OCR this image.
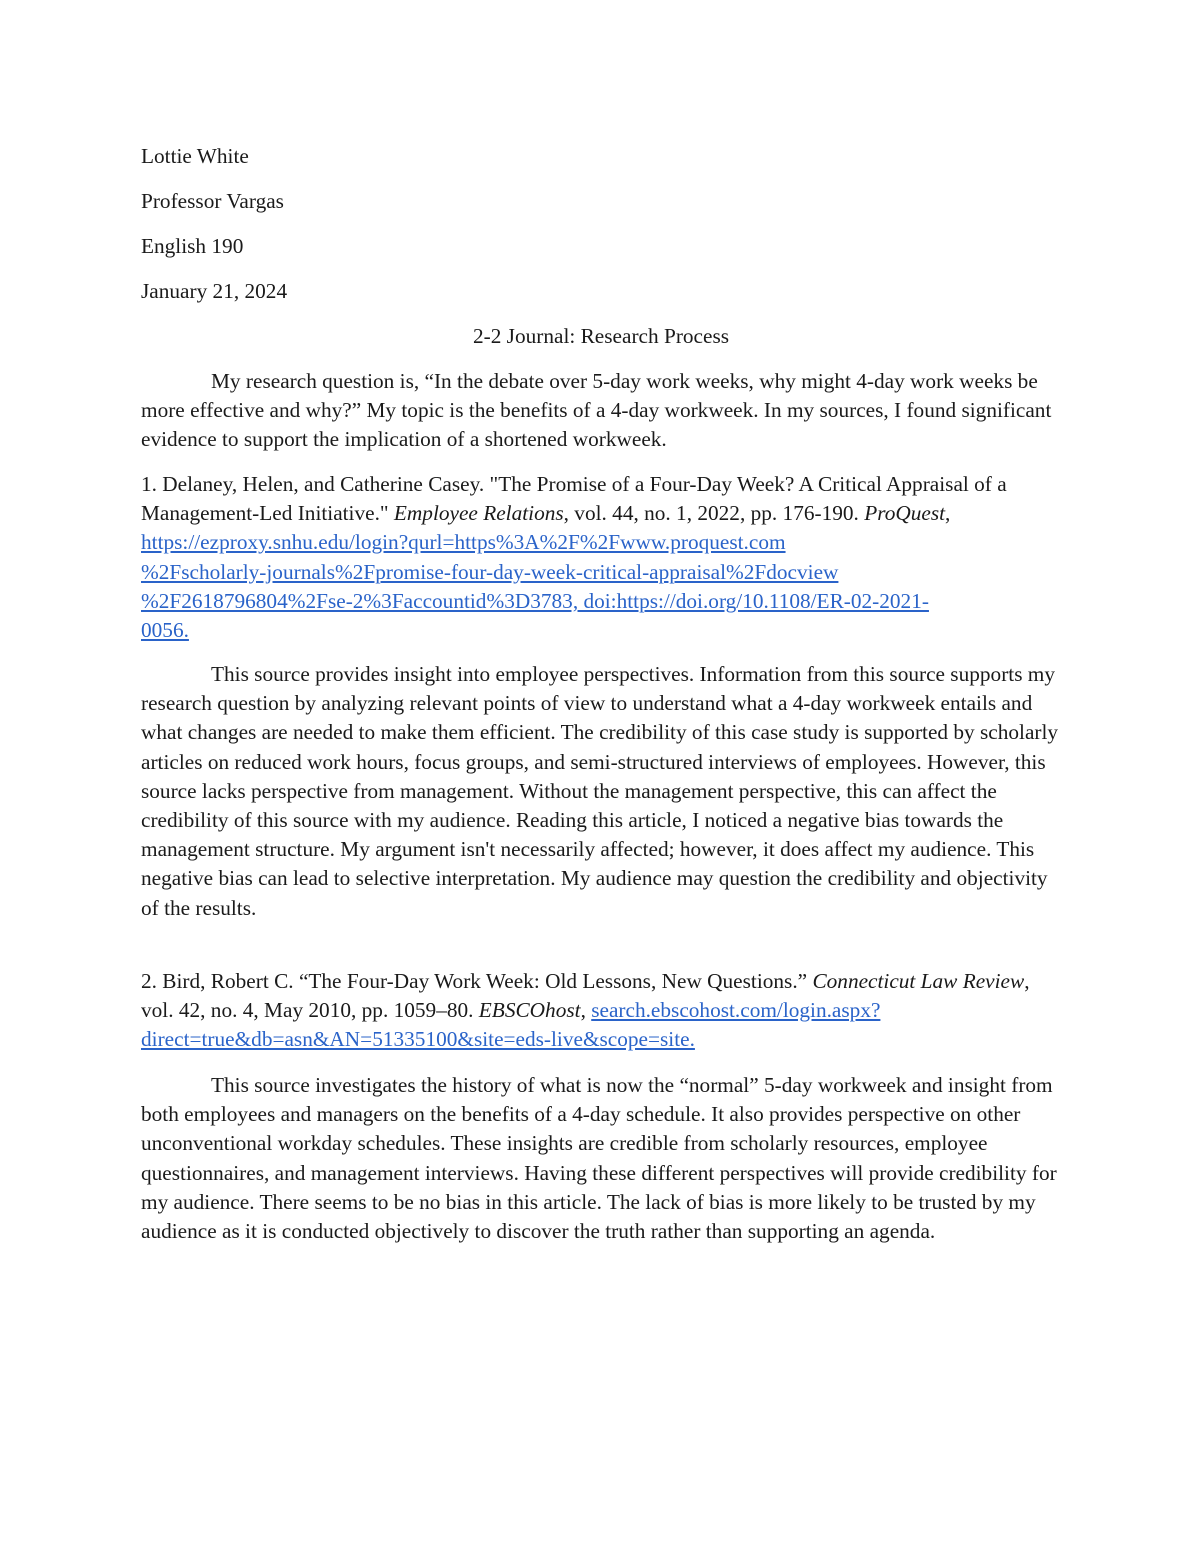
Lottie White
Professor Vargas
English 190
January 21, 2024
2-2 Journal: Research Process

My research question is, “In the debate over 5-day work weeks, why might 4-day work weeks be more effective and why?” My topic is the benefits of a 4-day workweek. In my sources, I found significant evidence to support the implication of a shortened workweek.

1. Delaney, Helen, and Catherine Casey. "The Promise of a Four-Day Week? A Critical Appraisal of a Management-Led Initiative." Employee Relations, vol. 44, no. 1, 2022, pp. 176-190. ProQuest, https://ezproxy.snhu.edu/login?qurl=https%3A%2F%2Fwww.proquest.com
%2Fscholarly-journals%2Fpromise-four-day-week-critical-appraisal%2Fdocview
%2F2618796804%2Fse-2%3Faccountid%3D3783, doi:https://doi.org/10.1108/ER-02-2021-
0056.

This source provides insight into employee perspectives. Information from this source supports my research question by analyzing relevant points of view to understand what a 4-day workweek entails and what changes are needed to make them efficient. The credibility of this case study is supported by scholarly articles on reduced work hours, focus groups, and semi-structured interviews of employees. However, this source lacks perspective from management. Without the management perspective, this can affect the credibility of this source with my audience. Reading this article, I noticed a negative bias towards the management structure. My argument isn't necessarily affected; however, it does affect my audience. This negative bias can lead to selective interpretation. My audience may question the credibility and objectivity of the results.

2. Bird, Robert C. “The Four-Day Work Week: Old Lessons, New Questions.” Connecticut Law Review, vol. 42, no. 4, May 2010, pp. 1059–80. EBSCOhost, search.ebscohost.com/login.aspx?
direct=true&db=asn&AN=51335100&site=eds-live&scope=site.

This source investigates the history of what is now the “normal” 5-day workweek and insight from both employees and managers on the benefits of a 4-day schedule. It also provides perspective on other unconventional workday schedules. These insights are credible from scholarly resources, employee questionnaires, and management interviews. Having these different perspectives will provide credibility for my audience. There seems to be no bias in this article. The lack of bias is more likely to be trusted by my audience as it is conducted objectively to discover the truth rather than supporting an agenda.
